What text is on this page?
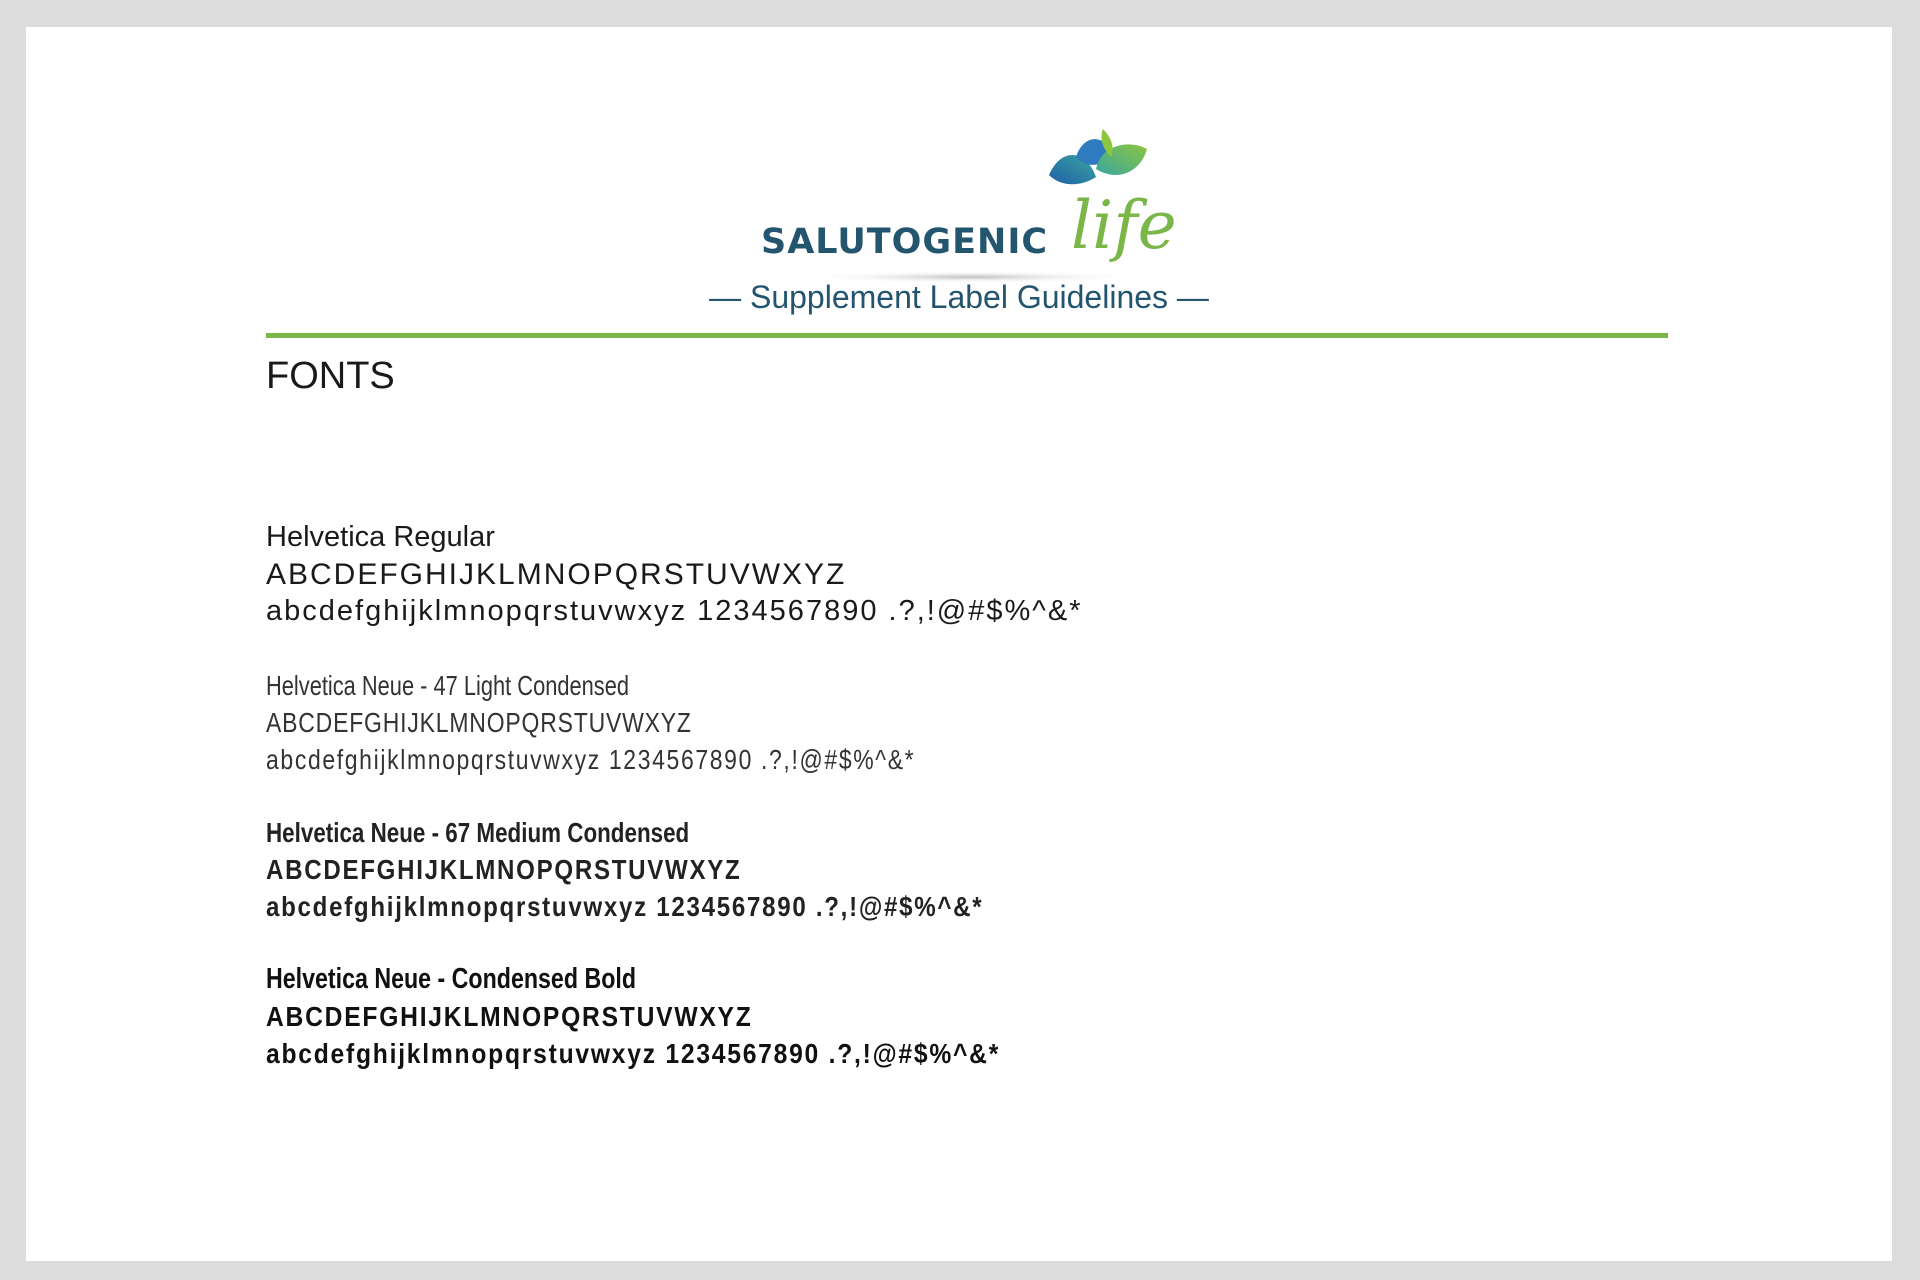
SALUTOGENIC life
— Supplement Label Guidelines —
FONTS
Helvetica Regular
ABCDEFGHIJKLMNOPQRSTUVWXYZ
abcdefghijklmnopqrstuvwxyz 1234567890 .?,!@#$%^&*
Helvetica Neue - 47 Light Condensed
ABCDEFGHIJKLMNOPQRSTUVWXYZ
abcdefghijklmnopqrstuvwxyz 1234567890 .?,!@#$%^&*
Helvetica Neue - 67 Medium Condensed
ABCDEFGHIJKLMNOPQRSTUVWXYZ
abcdefghijklmnopqrstuvwxyz 1234567890 .?,!@#$%^&*
Helvetica Neue - Condensed Bold
ABCDEFGHIJKLMNOPQRSTUVWXYZ
abcdefghijklmnopqrstuvwxyz 1234567890 .?,!@#$%^&*
